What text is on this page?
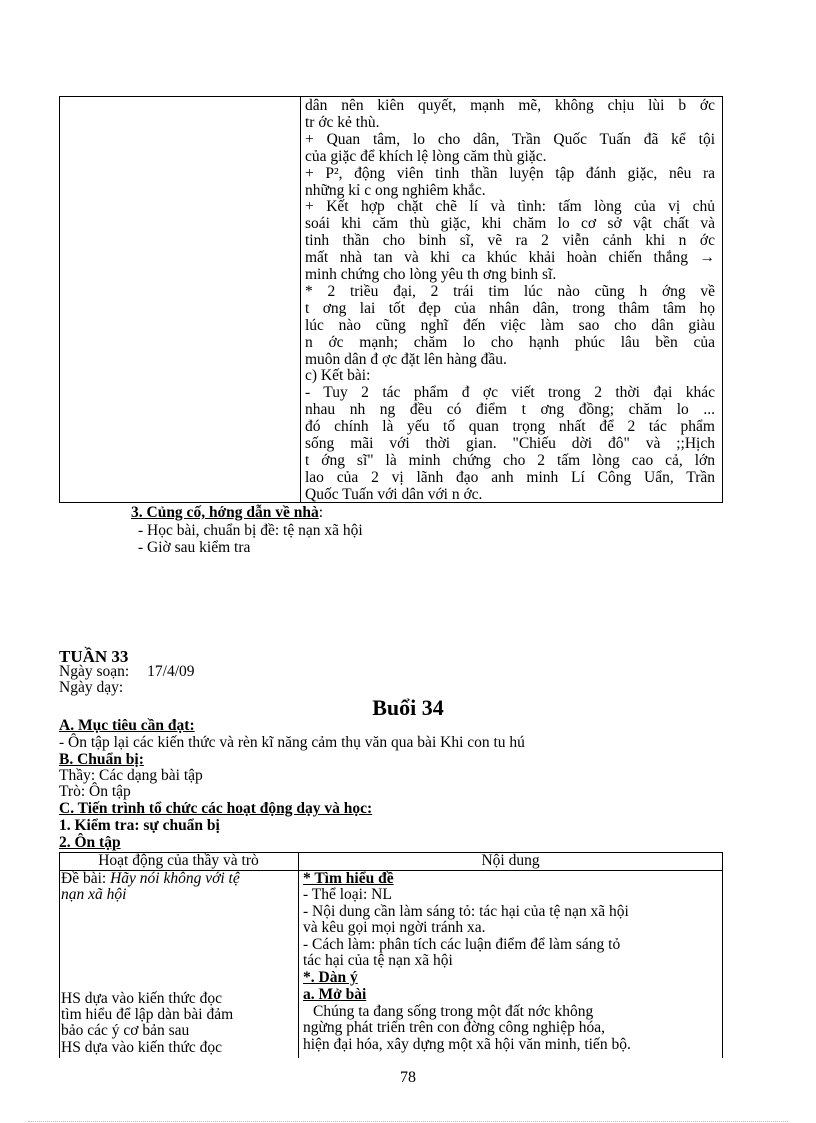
dân nên kiên quyết, mạnh mẽ, không chịu lùi b ớc
tr ớc kẻ thù.
+ Quan tâm, lo cho dân, Trần Quốc Tuấn đã kể tội
của giặc để khích lệ lòng căm thù giặc.
+ P², động viên tinh thần luyện tập đánh giặc, nêu ra
những kỉ c ong nghiêm khắc.
+ Kết hợp chặt chẽ lí và tình: tấm lòng của vị chủ
soái khi căm thù giặc, khi chăm lo cơ sở vật chất và
tinh thần cho binh sĩ, vẽ ra 2 viễn cảnh khi n ớc
mất nhà tan và khi ca khúc khải hoàn chiến thắng →
minh chứng cho lòng yêu th ơng binh sĩ.
* 2 triều đại, 2 trái tim lúc nào cũng h ớng về
t ơng lai tốt đẹp của nhân dân, trong thâm tâm họ
lúc nào cũng nghĩ đến việc làm sao cho dân giàu
n ớc mạnh; chăm lo cho hạnh phúc lâu bền của
muôn dân đ ợc đặt lên hàng đầu.
c) Kết bài:
- Tuy 2 tác phẩm đ ợc viết trong 2 thời đại khác
nhau nh ng đều có điểm t ơng đồng; chăm lo ...
đó chính là yếu tố quan trọng nhất để 2 tác phẩm
sống mãi với thời gian. "Chiếu dời đô" và ;;Hịch
t ớng sĩ" là minh chứng cho 2 tấm lòng cao cả, lớn
lao của 2 vị lãnh đạo anh minh Lí Công Uẩn, Trần
Quốc Tuấn với dân với n ớc.
3. Củng cố, hớng dẫn về nhà:
- Học bài, chuẩn bị đề: tệ nạn xã hội
- Giờ sau kiểm tra
TUẦN 33
Ngày soạn: 17/4/09
Ngày dạy:
Buổi 34
A. Mục tiêu cần đạt:
- Ôn tập lại các kiến thức và rèn kĩ năng cảm thụ văn qua bài Khi con tu hú
B. Chuẩn bị:
Thầy: Các dạng bài tập
Trò: Ôn tập
C. Tiến trình tổ chức các hoạt động dạy và học:
1. Kiểm tra: sự chuẩn bị
2. Ôn tập
Hoạt động của thầy và trò	Nội dung
Đề bài: Hãy nói không với tệ
nạn xã hội
HS dựa vào kiến thức đọc
tìm hiểu để lập dàn bài đảm
bảo các ý cơ bản sau
HS dựa vào kiến thức đọc
* Tìm hiểu đề
- Thể loại: NL
- Nội dung cần làm sáng tỏ: tác hại của tệ nạn xã hội
và kêu gọi mọi ngời tránh xa.
- Cách làm: phân tích các luận điểm để làm sáng tỏ
tác hại của tệ nạn xã hội
*. Dàn ý
a. Mở bài
Chúng ta đang sống trong một đất nớc không
ngừng phát triển trên con đờng công nghiệp hóa,
hiện đại hóa, xây dựng một xã hội văn minh, tiến bộ.
78
